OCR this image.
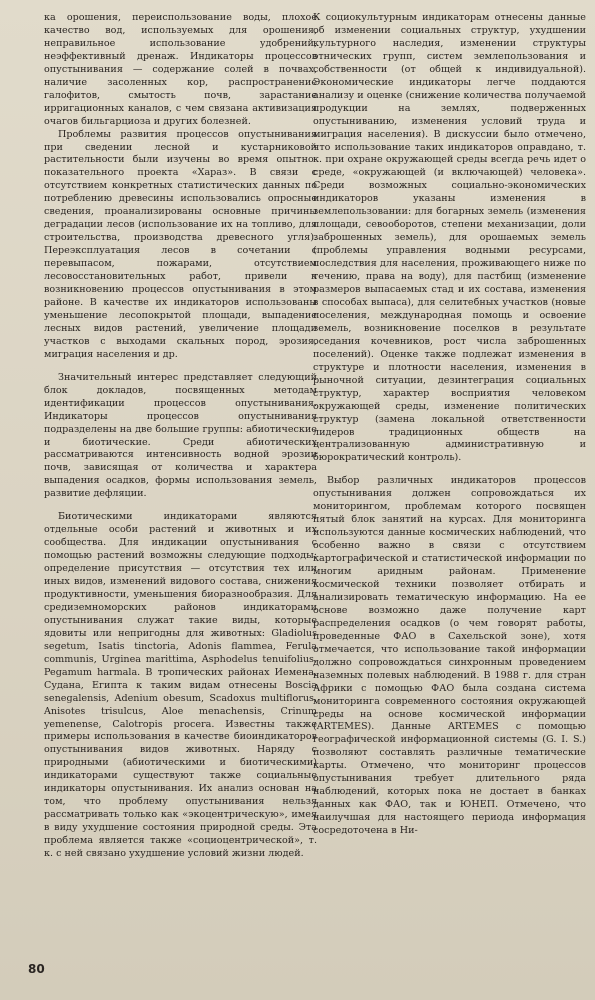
ка орошения, переиспользование воды, плохое качество вод, используемых для орошения, неправильное использование удобрений, неэффективный дренаж. Индикаторы процессов опустынивания — содержание солей в почвах, наличие засоленных кор, распространение галофитов, смытость почв, зарастание ирригационных каналов, с чем связана активизация очагов бильгарциоза и других болезней.

Проблемы развития процессов опустынивания при сведении лесной и кустарниковой растительности были изучены во время опытно-показательного проекта «Хараз». В связи с отсутствием конкретных статистических данных по потреблению древесины использовались опросные сведения, проанализированы основные причины деградации лесов (использование их на топливо, для строительства, производства древесного угля). Переэксплуатация лесов в сочетании с перевыпасом, пожарами, отсутствием лесовосстановительных работ, привели к возникновению процессов опустынивания в этом районе. В качестве их индикаторов использованы уменьшение лесопокрытой площади, выпадение лесных видов растений, увеличение площади участков с выходами скальных пород, эрозия, миграция населения и др.

Значительный интерес представляет следующий блок докладов, посвященных методам идентификации процессов опустынивания. Индикаторы процессов опустынивания подразделены на две большие группы: абиотические и биотические. Среди абиотических рассматриваются интенсивность водной эрозии почв, зависящая от количества и характера выпадения осадков, формы использования земель, развитие дефляции.

Биотическими индикаторами являются отдельные особи растений и животных и их сообщества. Для индикации опустынивания с помощью растений возможны следующие подходы: определение присутствия — отсутствия тех или иных видов, изменений видового состава, снижения продуктивности, уменьшения биоразнообразия. Для средиземноморских районов индикаторами опустынивания служат такие виды, которые ядовиты или непригодны для животных: Gladiolus segetum, Isatis tinctoria, Adonis flammea, Ferula communis, Urginea marittima, Asphodelus tenuifolius, Pegamum harmala. В тропических районах Иемена, Судана, Египта к таким видам отнесены Boscia senegalensis, Adenium obesum, Scadoxus multiflorus, Anisotes trisulcus, Aloe menachensis, Crinum yemenense, Calotropis procera. Известны также примеры использования в качестве биоиндикаторов опустынивания видов животных. Наряду с природными (абиотическими и биотическими) индикаторами существуют также социальные индикаторы опустынивания. Их анализ основан на том, что проблему опустынивания нельзя рассматривать только как «экоцентрическую», имея в виду ухудшение состояния природной среды. Эта проблема является также «социоцентрической», т. к. с ней связано ухудшение условий жизни людей.

К социокультурным индикаторам отнесены данные об изменении социальных структур, ухудшении культурного наследия, изменении структуры этнических групп, систем землепользования и собственности (от общей к индивидуальной). Экономические индикаторы легче поддаются анализу и оценке (снижение количества получаемой продукции на землях, подверженных опустыниванию, изменения условий труда и миграция населения). В дискуссии было отмечено, что использование таких индикаторов оправдано, т. к. при охране окружающей среды всегда речь идет о среде, «окружающей (и включающей) человека». Среди возможных социально-экономических индикаторов указаны изменения в землепользовании: для богарных земель (изменения площади, севооборотов, степени механизации, доли заброшенных земель), для орошаемых земель (проблемы управления водными ресурсами, последствия для населения, проживающего ниже по течению, права на воду), для пастбищ (изменение размеров выпасаемых стад и их состава, изменения в способах выпаса), для селитебных участков (новые поселения, международная помощь и освоение земель, возникновение поселков в результате оседания кочевников, рост числа заброшенных поселений). Оценке также подлежат изменения в структуре и плотности населения, изменения в рыночной ситуации, дезинтеграция социальных структур, характер восприятия человеком окружающей среды, изменение политических структур (замена локальной ответственности лидеров традиционных обществ на централизованную административную и бюрократический контроль).

Выбор различных индикаторов процессов опустынивания должен сопровождаться их мониторингом, проблемам которого посвящен пятый блок занятий на курсах. Для мониторинга используются данные космических наблюдений, что особенно важно в связи с отсутствием картографической и статистической информации по многим аридным районам. Применение космической техники позволяет отбирать и анализировать тематическую информацию. На ее основе возможно даже получение карт распределения осадков (о чем говорят работы, проведенные ФАО в Сахельской зоне), хотя отмечается, что использование такой информации должно сопровождаться синхронным проведением наземных полевых наблюдений. В 1988 г. для стран Африки с помощью ФАО была создана система мониторинга современного состояния окружающей среды на основе космической информации (ARTEMES). Данные ARTEMES с помощью географической информационной системы (G. I. S.) позволяют составлять различные тематические карты. Отмечено, что мониторинг процессов опустынивания требует длительного ряда наблюдений, которых пока не достает в банках данных как ФАО, так и ЮНЕП. Отмечено, что наилучшая для настоящего периода информация сосредоточена в Ни-

80
